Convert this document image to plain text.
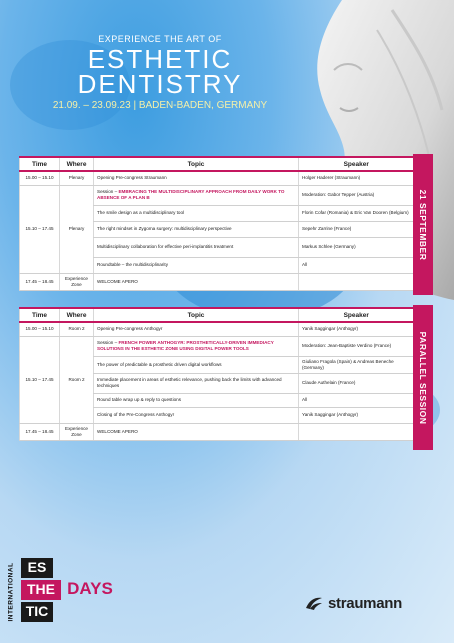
EXPERIENCE THE ART OF
ESTHETIC
DENTISTRY
21.09. – 23.09.23 | BADEN-BADEN, GERMANY
Time	Where	Topic	Speaker
15.00 – 15.10	Plenary	Opening Pre-congress Straumann	Holger Haderer (Straumann)
15.10 – 17.45	Plenary	Session – EMBRACING THE MULTIDISCIPLINARY APPROACH FROM DAILY WORK TO ABSENCE OF A PLAN B	Moderation: Gabor Tepper (Austria)
		The smile design as a multidisciplinary tool	Florin Cofar (Romania) & Eric Van Dooren (Belgium)
		The right mindset in Zygoma surgery: multidisciplinary perspective	Sepehr Zarrine (France)
		Multidisciplinary collaboration for effective peri-implantitis treatment	Markus Schlee (Germany)
		Roundtable – the multidisciplinarity	All
17.45 – 18.45	Experience Zone	WELCOME APERO	
21 SEPTEMBER
Time	Where	Topic	Speaker
15.00 – 15.10	Room 2	Opening Pre-congress Anthogyr	Yanik Saggingar (Anthogyr)
15.10 – 17.45	Room 2	Session – FRENCH POWER ANTHOGYR: PROSTHETICALLY-DRIVEN IMMEDIACY SOLUTIONS IN THE ESTHETIC ZONE USING DIGITAL POWER TOOLS	Moderation: Jean-Baptiste Verdino (France)
		The power of predictable & prosthetic driven digital workflows	Giuliano Fragola (Spain) & Andreas Beneche (Germany)
		Immediate placement in areas of esthetic relevance, pushing back the limits with advanced techniques	Claude Authelain (France)
		Round table wrap up & reply to questions	All
		Closing of the Pre-Congress Anthogyr	Yanik Saggingar (Anthogyr)
17.45 – 18.45	Experience Zone	WELCOME APERO	
PARALLEL SESSION
INTERNATIONAL ES
THE DAYS
TIC	straumann
